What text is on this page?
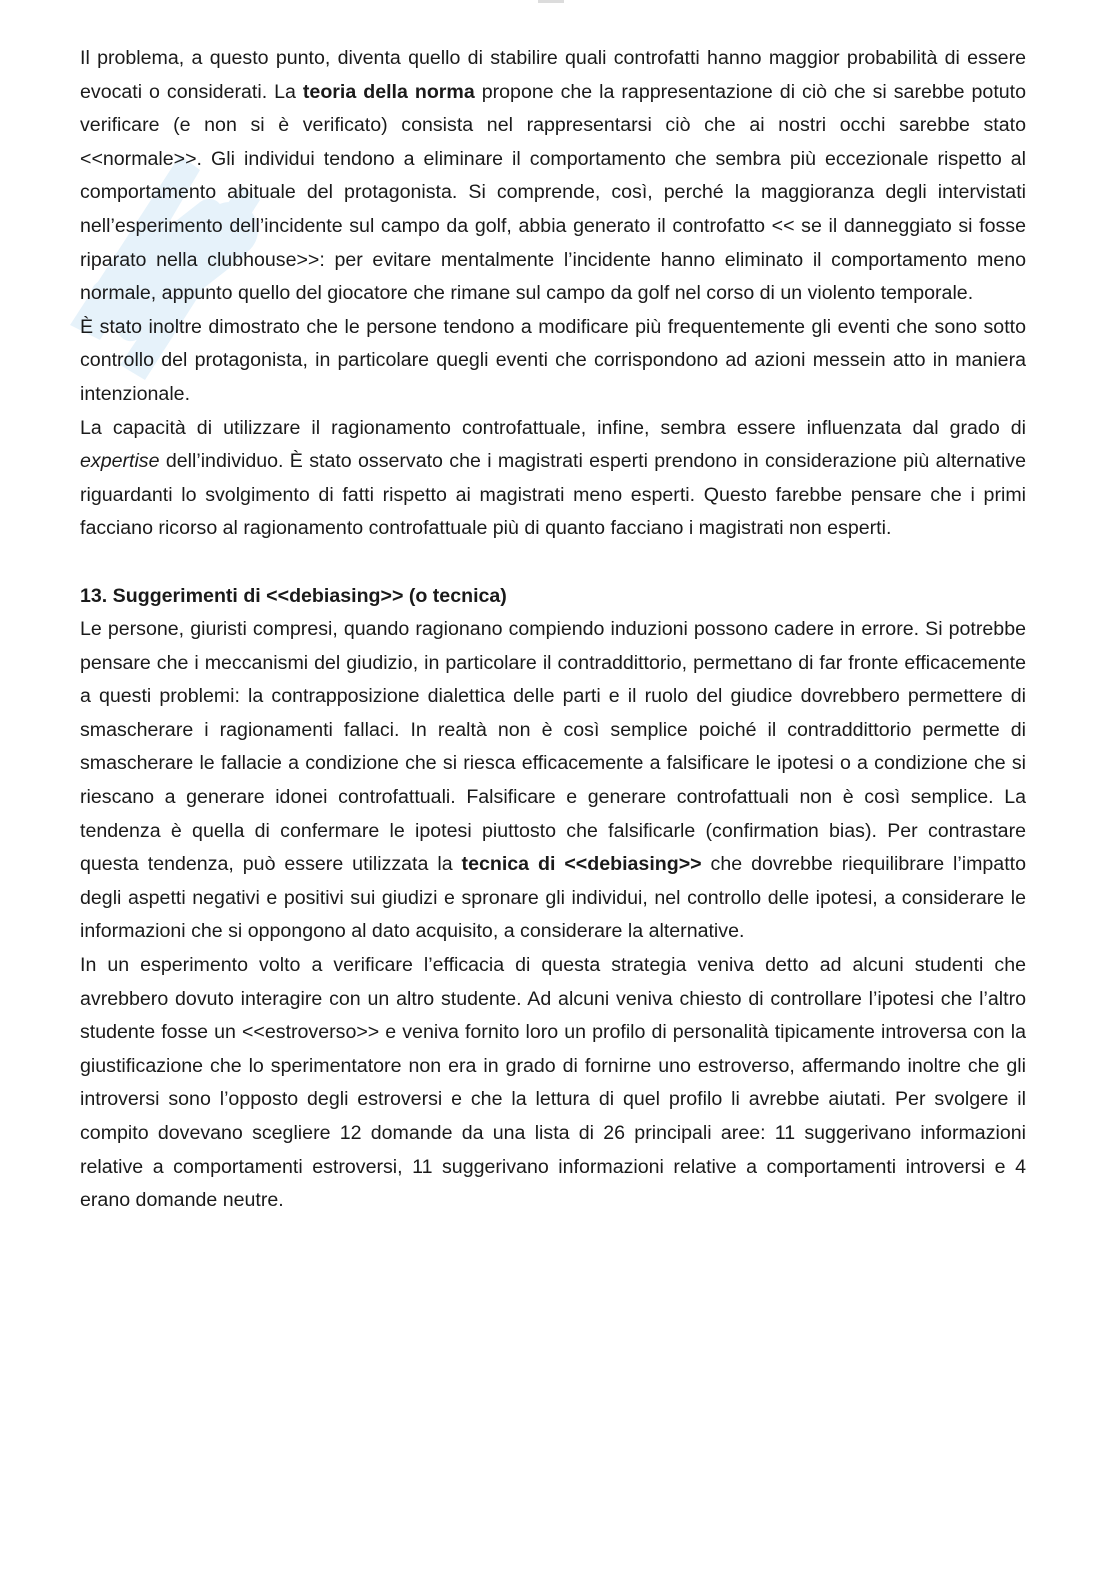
Il problema, a questo punto, diventa quello di stabilire quali controfatti hanno maggior probabilità di essere evocati o considerati. La teoria della norma propone che la rappresentazione di ciò che si sarebbe potuto verificare (e non si è verificato) consista nel rappresentarsi ciò che ai nostri occhi sarebbe stato <<normale>>. Gli individui tendono a eliminare il comportamento che sembra più eccezionale rispetto al comportamento abituale del protagonista. Si comprende, così, perché la maggioranza degli intervistati nell’esperimento dell’incidente sul campo da golf, abbia generato il controfatto << se il danneggiato si fosse riparato nella clubhouse>>: per evitare mentalmente l’incidente hanno eliminato il comportamento meno normale, appunto quello del giocatore che rimane sul campo da golf nel corso di un violento temporale.

È stato inoltre dimostrato che le persone tendono a modificare più frequentemente gli eventi che sono sotto controllo del protagonista, in particolare quegli eventi che corrispondono ad azioni messein atto in maniera intenzionale.

La capacità di utilizzare il ragionamento controfattuale, infine, sembra essere influenzata dal grado di expertise dell’individuo. È stato osservato che i magistrati esperti prendono in considerazione più alternative riguardanti lo svolgimento di fatti rispetto ai magistrati meno esperti. Questo farebbe pensare che i primi facciano ricorso al ragionamento controfattuale più di quanto facciano i magistrati non esperti.

13. Suggerimenti di <<debiasing>> (o tecnica)

Le persone, giuristi compresi, quando ragionano compiendo induzioni possono cadere in errore. Si potrebbe pensare che i meccanismi del giudizio, in particolare il contraddittorio, permettano di far fronte efficacemente a questi problemi: la contrapposizione dialettica delle parti e il ruolo del giudice dovrebbero permettere di smascherare i ragionamenti fallaci. In realtà non è così semplice poiché il contraddittorio permette di smascherare le fallacie a condizione che si riesca efficacemente a falsificare le ipotesi o a condizione che si riescano a generare idonei controfattuali. Falsificare e generare controfattuali non è così semplice. La tendenza è quella di confermare le ipotesi piuttosto che falsificarle (confirmation bias). Per contrastare questa tendenza, può essere utilizzata la tecnica di <<debiasing>> che dovrebbe riequilibrare l’impatto degli aspetti negativi e positivi sui giudizi e spronare gli individui, nel controllo delle ipotesi, a considerare le informazioni che si oppongono al dato acquisito, a considerare la alternative.

In un esperimento volto a verificare l’efficacia di questa strategia veniva detto ad alcuni studenti che avrebbero dovuto interagire con un altro studente. Ad alcuni veniva chiesto di controllare l’ipotesi che l’altro studente fosse un <<estroverso>> e veniva fornito loro un profilo di personalità tipicamente introversa con la giustificazione che lo sperimentatore non era in grado di fornirne uno estroverso, affermando inoltre che gli introversi sono l’opposto degli estroversi e che la lettura di quel profilo li avrebbe aiutati. Per svolgere il compito dovevano scegliere 12 domande da una lista di 26 principali aree: 11 suggerivano informazioni relative a comportamenti estroversi, 11 suggerivano informazioni relative a comportamenti introversi e 4 erano domande neutre.
